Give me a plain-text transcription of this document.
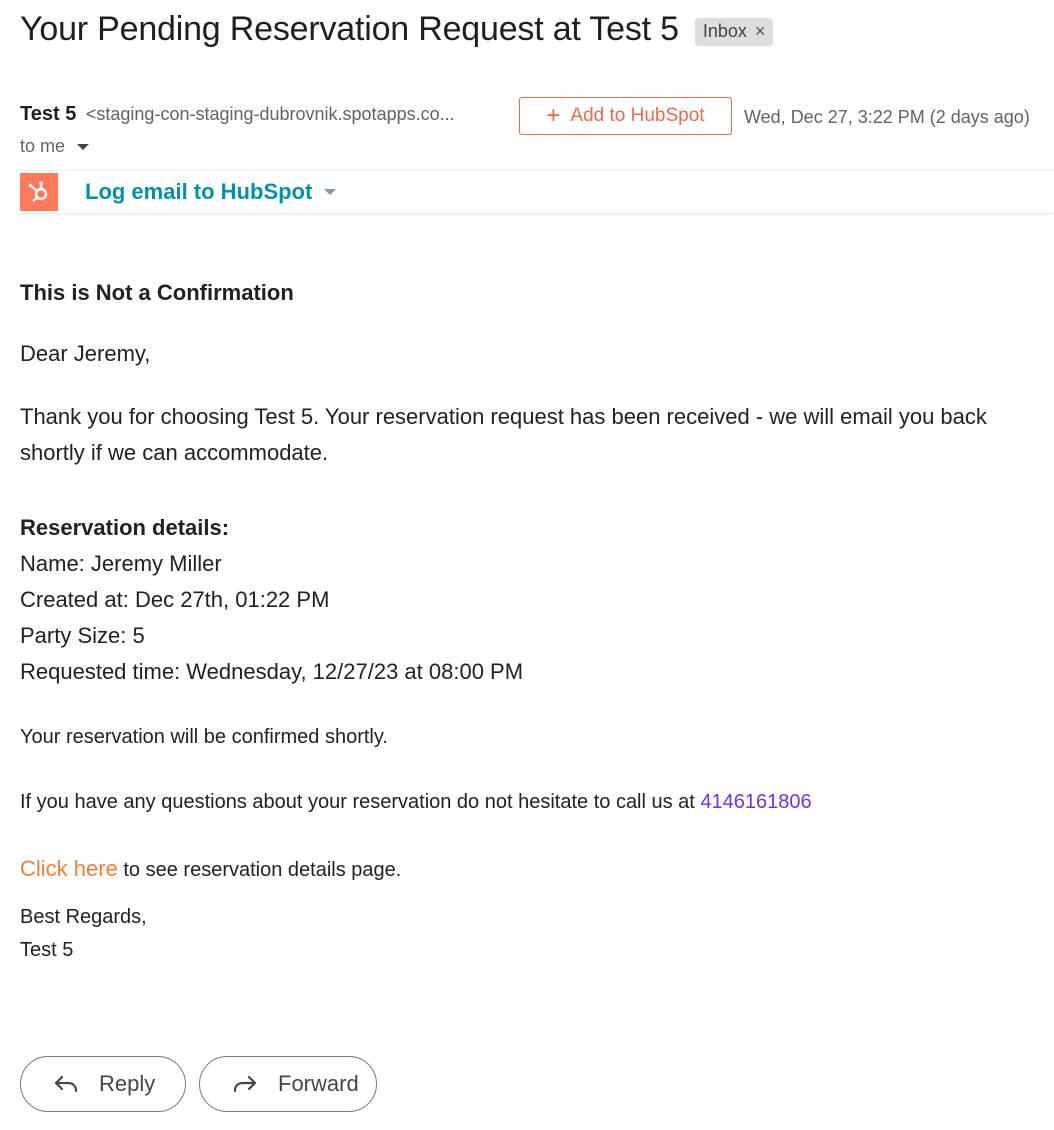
Your Pending Reservation Request at Test 5 Inbox ×
Test 5 <staging-con-staging-dubrovnik.spotapps.co...	+ Add to HubSpot Wed, Dec 27, 3:22 PM (2 days ago)
to me
Log email to HubSpot

This is Not a Confirmation

Dear Jeremy,

Thank you for choosing Test 5. Your reservation request has been received - we will email you back shortly if we can accommodate.

Reservation details:
Name: Jeremy Miller
Created at: Dec 27th, 01:22 PM
Party Size: 5
Requested time: Wednesday, 12/27/23 at 08:00 PM

Your reservation will be confirmed shortly.

If you have any questions about your reservation do not hesitate to call us at 4146161806

Click here to see reservation details page.

Best Regards,
Test 5
Reply	Forward
